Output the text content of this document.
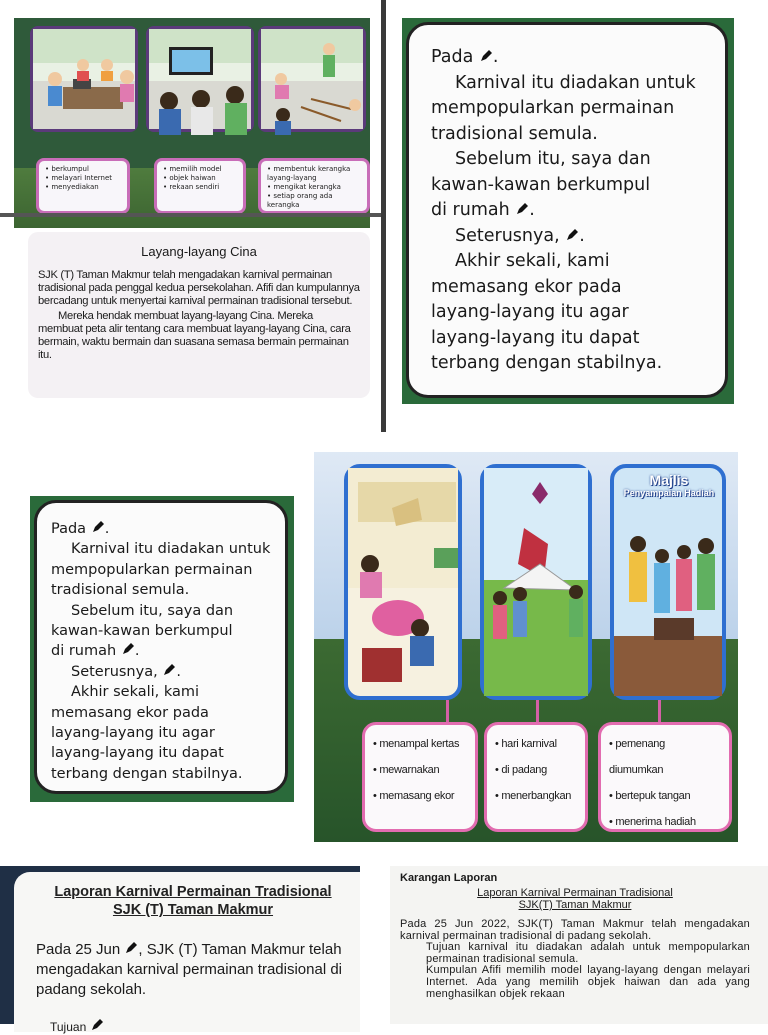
• berkumpul
• melayari Internet
• menyediakan
• memilih model
• objek haiwan
• rekaan sendiri
• membentuk kerangka layang-layang
• mengikat kerangka
• setiap orang ada kerangka
Layang-layang Cina

SJK (T) Taman Makmur telah mengadakan karnival permainan tradisional pada penggal kedua persekolahan. Afifi dan kumpulannya bercadang untuk menyertai karnival permainan tradisional tersebut.

Mereka hendak membuat layang-layang Cina. Mereka membuat peta alir tentang cara membuat layang-layang Cina, cara bermain, waktu bermain dan suasana semasa bermain permainan itu.

Pada .

Karnival itu diadakan untuk
mempopularkan permainan
tradisional semula.

Sebelum itu, saya dan
kawan-kawan berkumpul
di rumah .

Seterusnya, .
Akhir sekali, kami
memasang ekor pada
layang-layang itu agar
layang-layang itu dapat
terbang dengan stabilnya.
Pada .

Karnival itu diadakan untuk
mempopularkan permainan
tradisional semula.

Sebelum itu, saya dan
kawan-kawan berkumpul
di rumah .

Seterusnya, .
Akhir sekali, kami
memasang ekor pada
layang-layang itu agar
layang-layang itu dapat
terbang dengan stabilnya.
Majlis
Penyampaian Hadiah
• menampal kertas
• mewarnakan
• memasang ekor
• hari karnival
• di padang
• menerbangkan
• pemenang diumumkan
• bertepuk tangan
• menerima hadiah
Laporan Karnival Permainan Tradisional
SJK (T) Taman Makmur
Pada 25 Jun , SJK (T) Taman Makmur telah mengadakan karnival permainan tradisional di padang sekolah.
Tujuan
Karangan Laporan
Laporan Karnival Permainan Tradisional
SJK(T) Taman Makmur
Pada 25 Jun 2022, SJK(T) Taman Makmur telah mengadakan karnival permainan tradisional di padang sekolah.
Tujuan karnival itu diadakan adalah untuk mempopularkan permainan tradisional semula.
Kumpulan Afifi memilih model layang-layang dengan melayari Internet. Ada yang memilih objek haiwan dan ada yang menghasilkan objek rekaan
